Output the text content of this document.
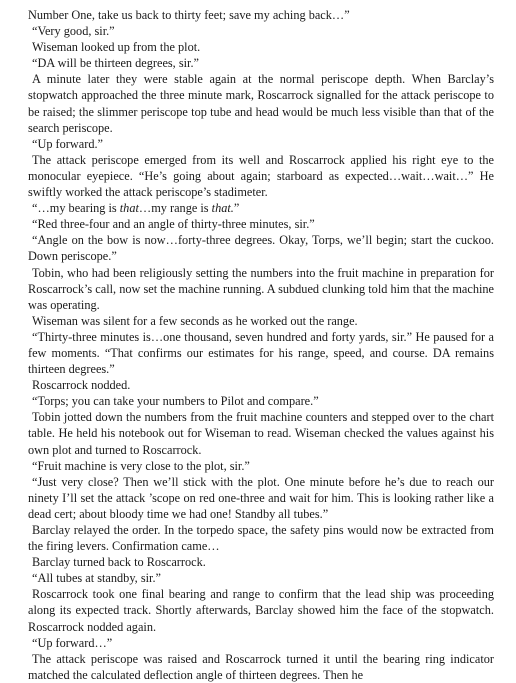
Number One, take us back to thirty feet; save my aching back…”

“Very good, sir.”

Wiseman looked up from the plot.

“DA will be thirteen degrees, sir.”

A minute later they were stable again at the normal periscope depth. When Barclay’s stopwatch approached the three minute mark, Roscarrock signalled for the attack periscope to be raised; the slimmer periscope top tube and head would be much less visible than that of the search periscope.

“Up forward.”

The attack periscope emerged from its well and Roscarrock applied his right eye to the monocular eyepiece. “He’s going about again; starboard as expected…wait…wait…” He swiftly worked the attack periscope’s stadimeter.

“…my bearing is that…my range is that.”

“Red three-four and an angle of thirty-three minutes, sir.”

“Angle on the bow is now…forty-three degrees. Okay, Torps, we’ll begin; start the cuckoo. Down periscope.”

Tobin, who had been religiously setting the numbers into the fruit machine in preparation for Roscarrock’s call, now set the machine running. A subdued clunking told him that the machine was operating.

Wiseman was silent for a few seconds as he worked out the range.

“Thirty-three minutes is…one thousand, seven hundred and forty yards, sir.” He paused for a few moments. “That confirms our estimates for his range, speed, and course. DA remains thirteen degrees.”

Roscarrock nodded.

“Torps; you can take your numbers to Pilot and compare.”

Tobin jotted down the numbers from the fruit machine counters and stepped over to the chart table. He held his notebook out for Wiseman to read. Wiseman checked the values against his own plot and turned to Roscarrock.

“Fruit machine is very close to the plot, sir.”

“Just very close? Then we’ll stick with the plot. One minute before he’s due to reach our ninety I’ll set the attack ’scope on red one-three and wait for him. This is looking rather like a dead cert; about bloody time we had one! Standby all tubes.”

Barclay relayed the order. In the torpedo space, the safety pins would now be extracted from the firing levers. Confirmation came…

Barclay turned back to Roscarrock.

“All tubes at standby, sir.”

Roscarrock took one final bearing and range to confirm that the lead ship was proceeding along its expected track. Shortly afterwards, Barclay showed him the face of the stopwatch. Roscarrock nodded again.

“Up forward…”

The attack periscope was raised and Roscarrock turned it until the bearing ring indicator matched the calculated deflection angle of thirteen degrees. Then he
